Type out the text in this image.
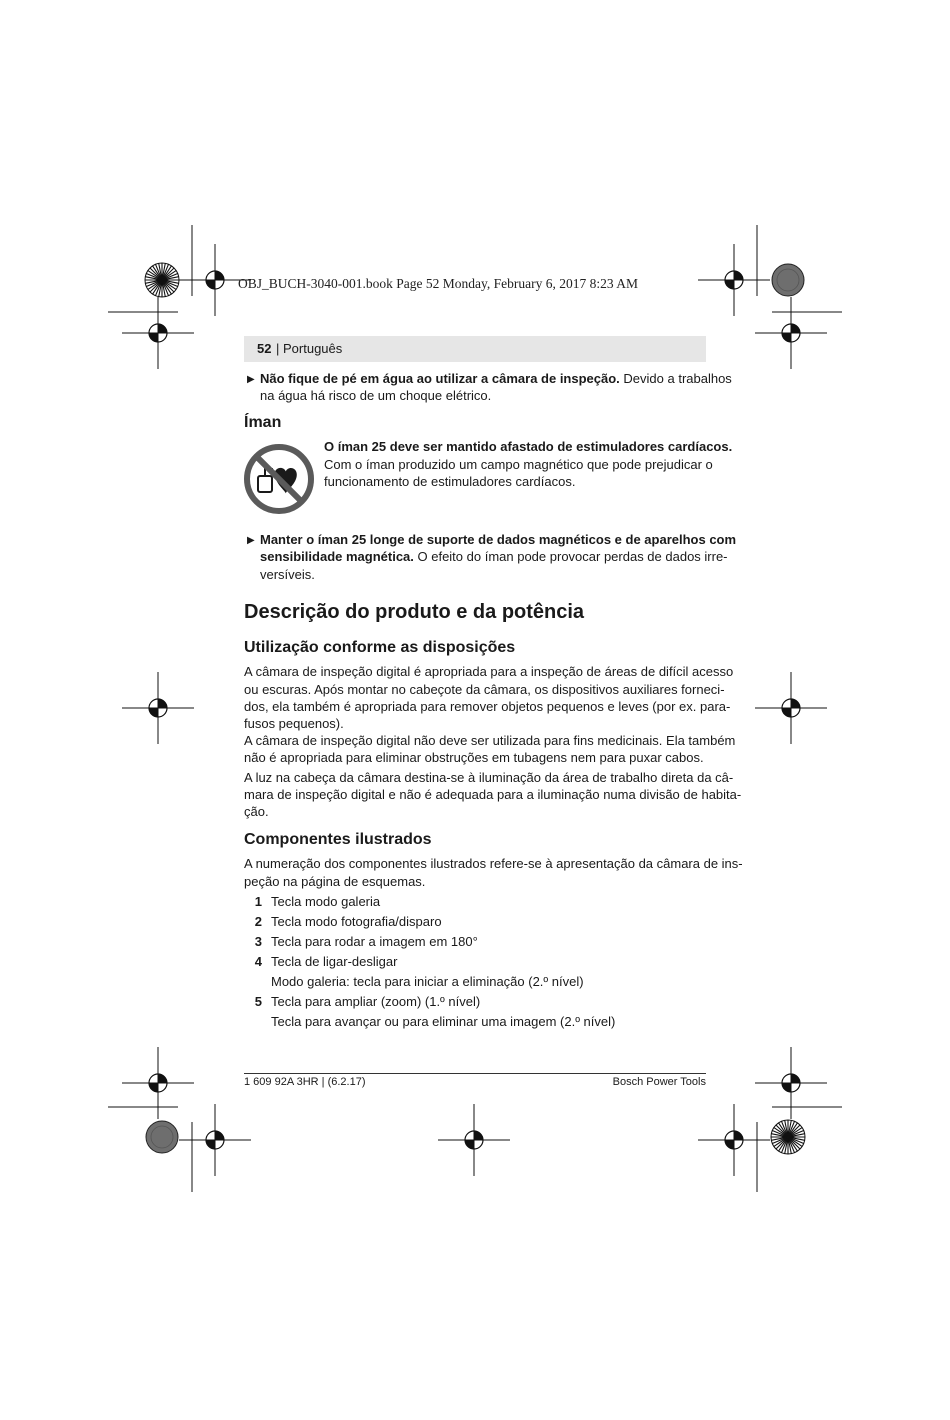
OBJ_BUCH-3040-001.book Page 52 Monday, February 6, 2017 8:23 AM
52 | Português
▶ Não fique de pé em água ao utilizar a câmara de inspeção. Devido a trabalhos
na água há risco de um choque elétrico.
Íman
O íman 25 deve ser mantido afastado de estimuladores cardíacos.
Com o íman produzido um campo magnético que pode prejudicar o
funcionamento de estimuladores cardíacos.
▶ Manter o íman 25 longe de suporte de dados magnéticos e de aparelhos com
sensibilidade magnética. O efeito do íman pode provocar perdas de dados irre-
versíveis.
Descrição do produto e da potência
Utilização conforme as disposições
A câmara de inspeção digital é apropriada para a inspeção de áreas de difícil acesso
ou escuras. Após montar no cabeçote da câmara, os dispositivos auxiliares forneci-
dos, ela também é apropriada para remover objetos pequenos e leves (por ex. para-
fusos pequenos).
A câmara de inspeção digital não deve ser utilizada para fins medicinais. Ela também
não é apropriada para eliminar obstruções em tubagens nem para puxar cabos.
A luz na cabeça da câmara destina-se à iluminação da área de trabalho direta da câ-
mara de inspeção digital e não é adequada para a iluminação numa divisão de habita-
ção.
Componentes ilustrados
A numeração dos componentes ilustrados refere-se à apresentação da câmara de ins-
peção na página de esquemas.
1 Tecla modo galeria
2 Tecla modo fotografia/disparo
3 Tecla para rodar a imagem em 180°
4 Tecla de ligar-desligar
Modo galeria: tecla para iniciar a eliminação (2.º nível)
5 Tecla para ampliar (zoom) (1.º nível)
Tecla para avançar ou para eliminar uma imagem (2.º nível)
1 609 92A 3HR | (6.2.17)	Bosch Power Tools
